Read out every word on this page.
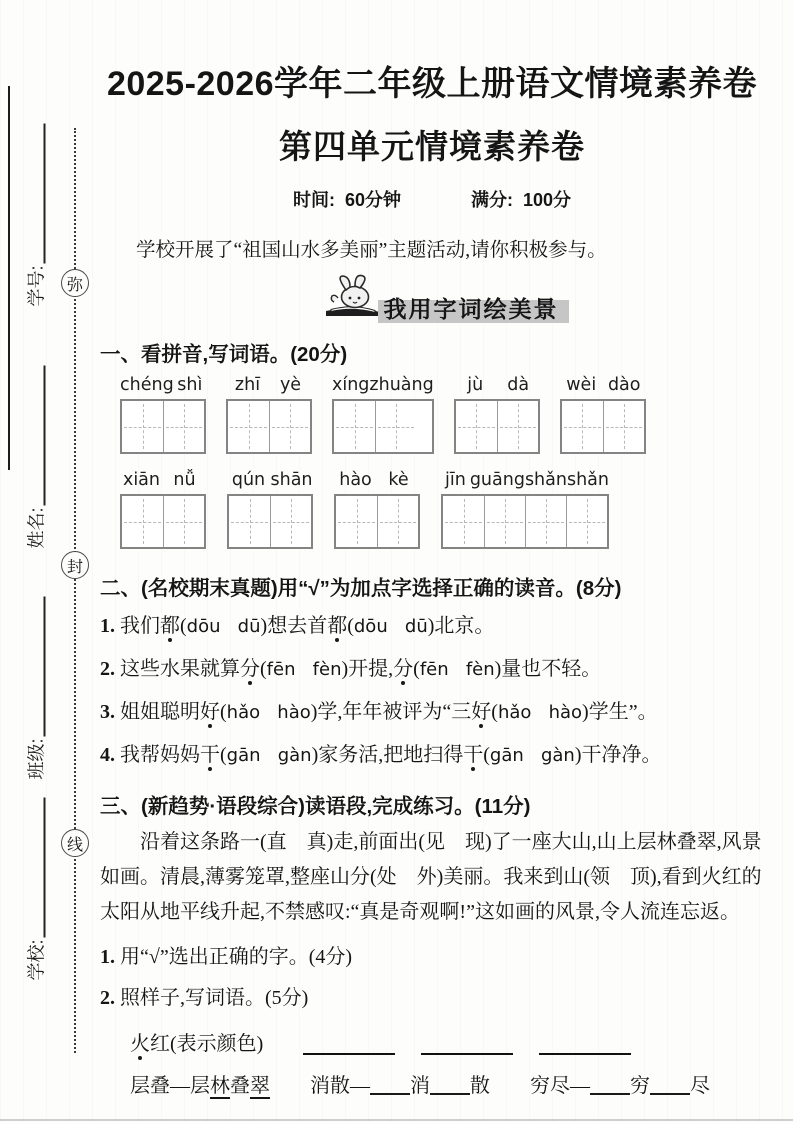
学号:
姓名:
班级:
学校:
弥
封
线
2025-2026学年二年级上册语文情境素养卷
第四单元情境素养卷
时间: 60分钟	满分: 100分
学校开展了“祖国山水多美丽”主题活动,请你积极参与。
我用字词绘美景
一、看拼音,写词语。(20分)
chéng shì	zhī	yè	xíng zhuàng	jù	dà	wèi dào
xiān nǚ	qún shān hào kè	jīn guāng shǎn shǎn
二、(名校期末真题)用“√”为加点字选择正确的读音。(8分)
1. 我们都(dōu   dū)想去首都(dōu   dū)北京。
2. 这些水果就算分(fēn   fèn)开提,分(fēn   fèn)量也不轻。
3. 姐姐聪明好(hǎo   hào)学,年年被评为“三好(hǎo   hào)学生”。
4. 我帮妈妈干(gān   gàn)家务活,把地扫得干(gān   gàn)干净净。
三、(新趋势·语段综合)读语段,完成练习。(11分)
沿着这条路一(直　真)走,前面出(见　现)了一座大山,山上层林叠翠,风景如画。清晨,薄雾笼罩,整座山分(处　外)美丽。我来到山(领　顶),看到火红的太阳从地平线升起,不禁感叹:“真是奇观啊!”这如画的风景,令人流连忘返。
1. 用“√”选出正确的字。(4分)
2. 照样子,写词语。(5分)
火红(表示颜色)
层叠—层林叠翠　　消散— 消 散　　穷尽— 穷 尽
